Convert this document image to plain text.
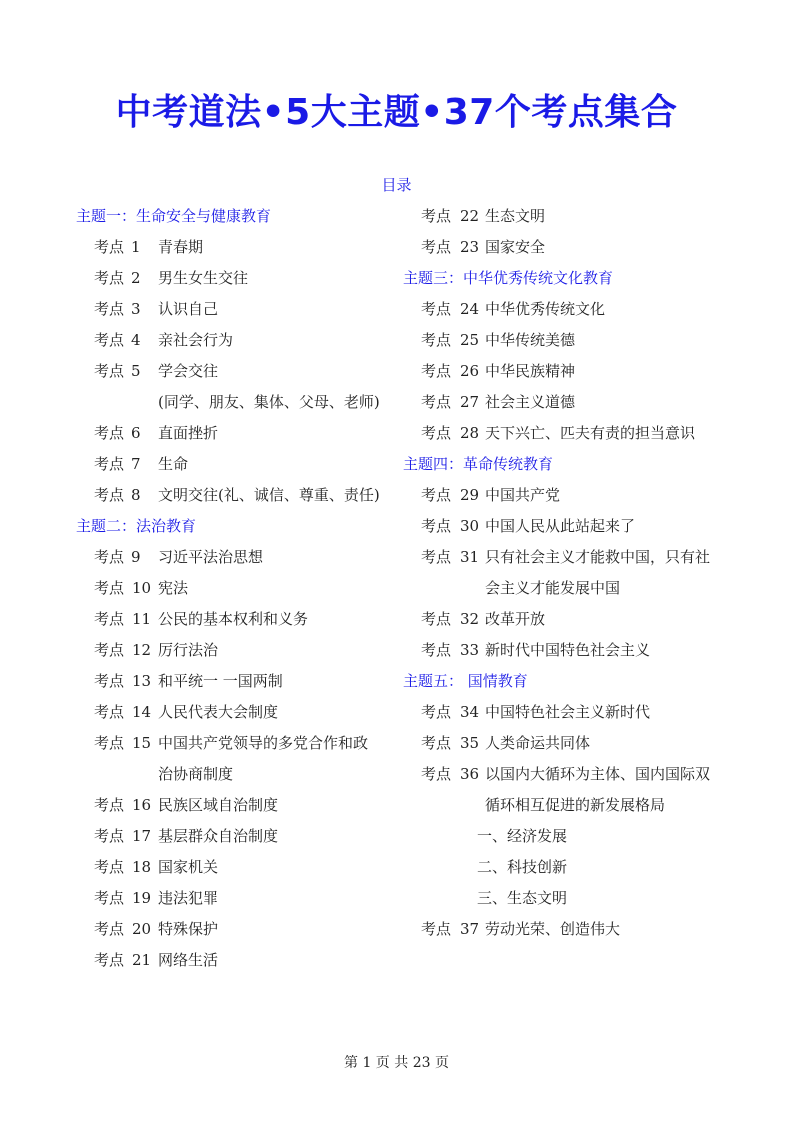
中考道法•5大主题•37个考点集合
目录
主题一：生命安全与健康教育
考点 1 青春期
考点 2 男生女生交往
考点 3 认识自己
考点 4 亲社会行为
考点 5 学会交往
(同学、朋友、集体、父母、老师)
考点 6 直面挫折
考点 7 生命
考点 8 文明交往(礼、诚信、尊重、责任)
主题二：法治教育
考点 9 习近平法治思想
考点 10 宪法
考点 11 公民的基本权利和义务
考点 12 厉行法治
考点 13 和平统一 一国两制
考点 14 人民代表大会制度
考点 15 中国共产党领导的多党合作和政
治协商制度
考点 16 民族区域自治制度
考点 17 基层群众自治制度
考点 18 国家机关
考点 19 违法犯罪
考点 20 特殊保护
考点 21 网络生活
考点 22 生态文明
考点 23 国家安全
主题三：中华优秀传统文化教育
考点 24 中华优秀传统文化
考点 25 中华传统美德
考点 26 中华民族精神
考点 27 社会主义道德
考点 28 天下兴亡、匹夫有责的担当意识
主题四：革命传统教育
考点 29 中国共产党
考点 30 中国人民从此站起来了
考点 31 只有社会主义才能救中国，只有社
会主义才能发展中国
考点 32 改革开放
考点 33 新时代中国特色社会主义
主题五： 国情教育
考点 34 中国特色社会主义新时代
考点 35 人类命运共同体
考点 36 以国内大循环为主体、国内国际双
循环相互促进的新发展格局
一、经济发展
二、科技创新
三、生态文明
考点 37 劳动光荣、创造伟大
第 1 页 共 23 页
